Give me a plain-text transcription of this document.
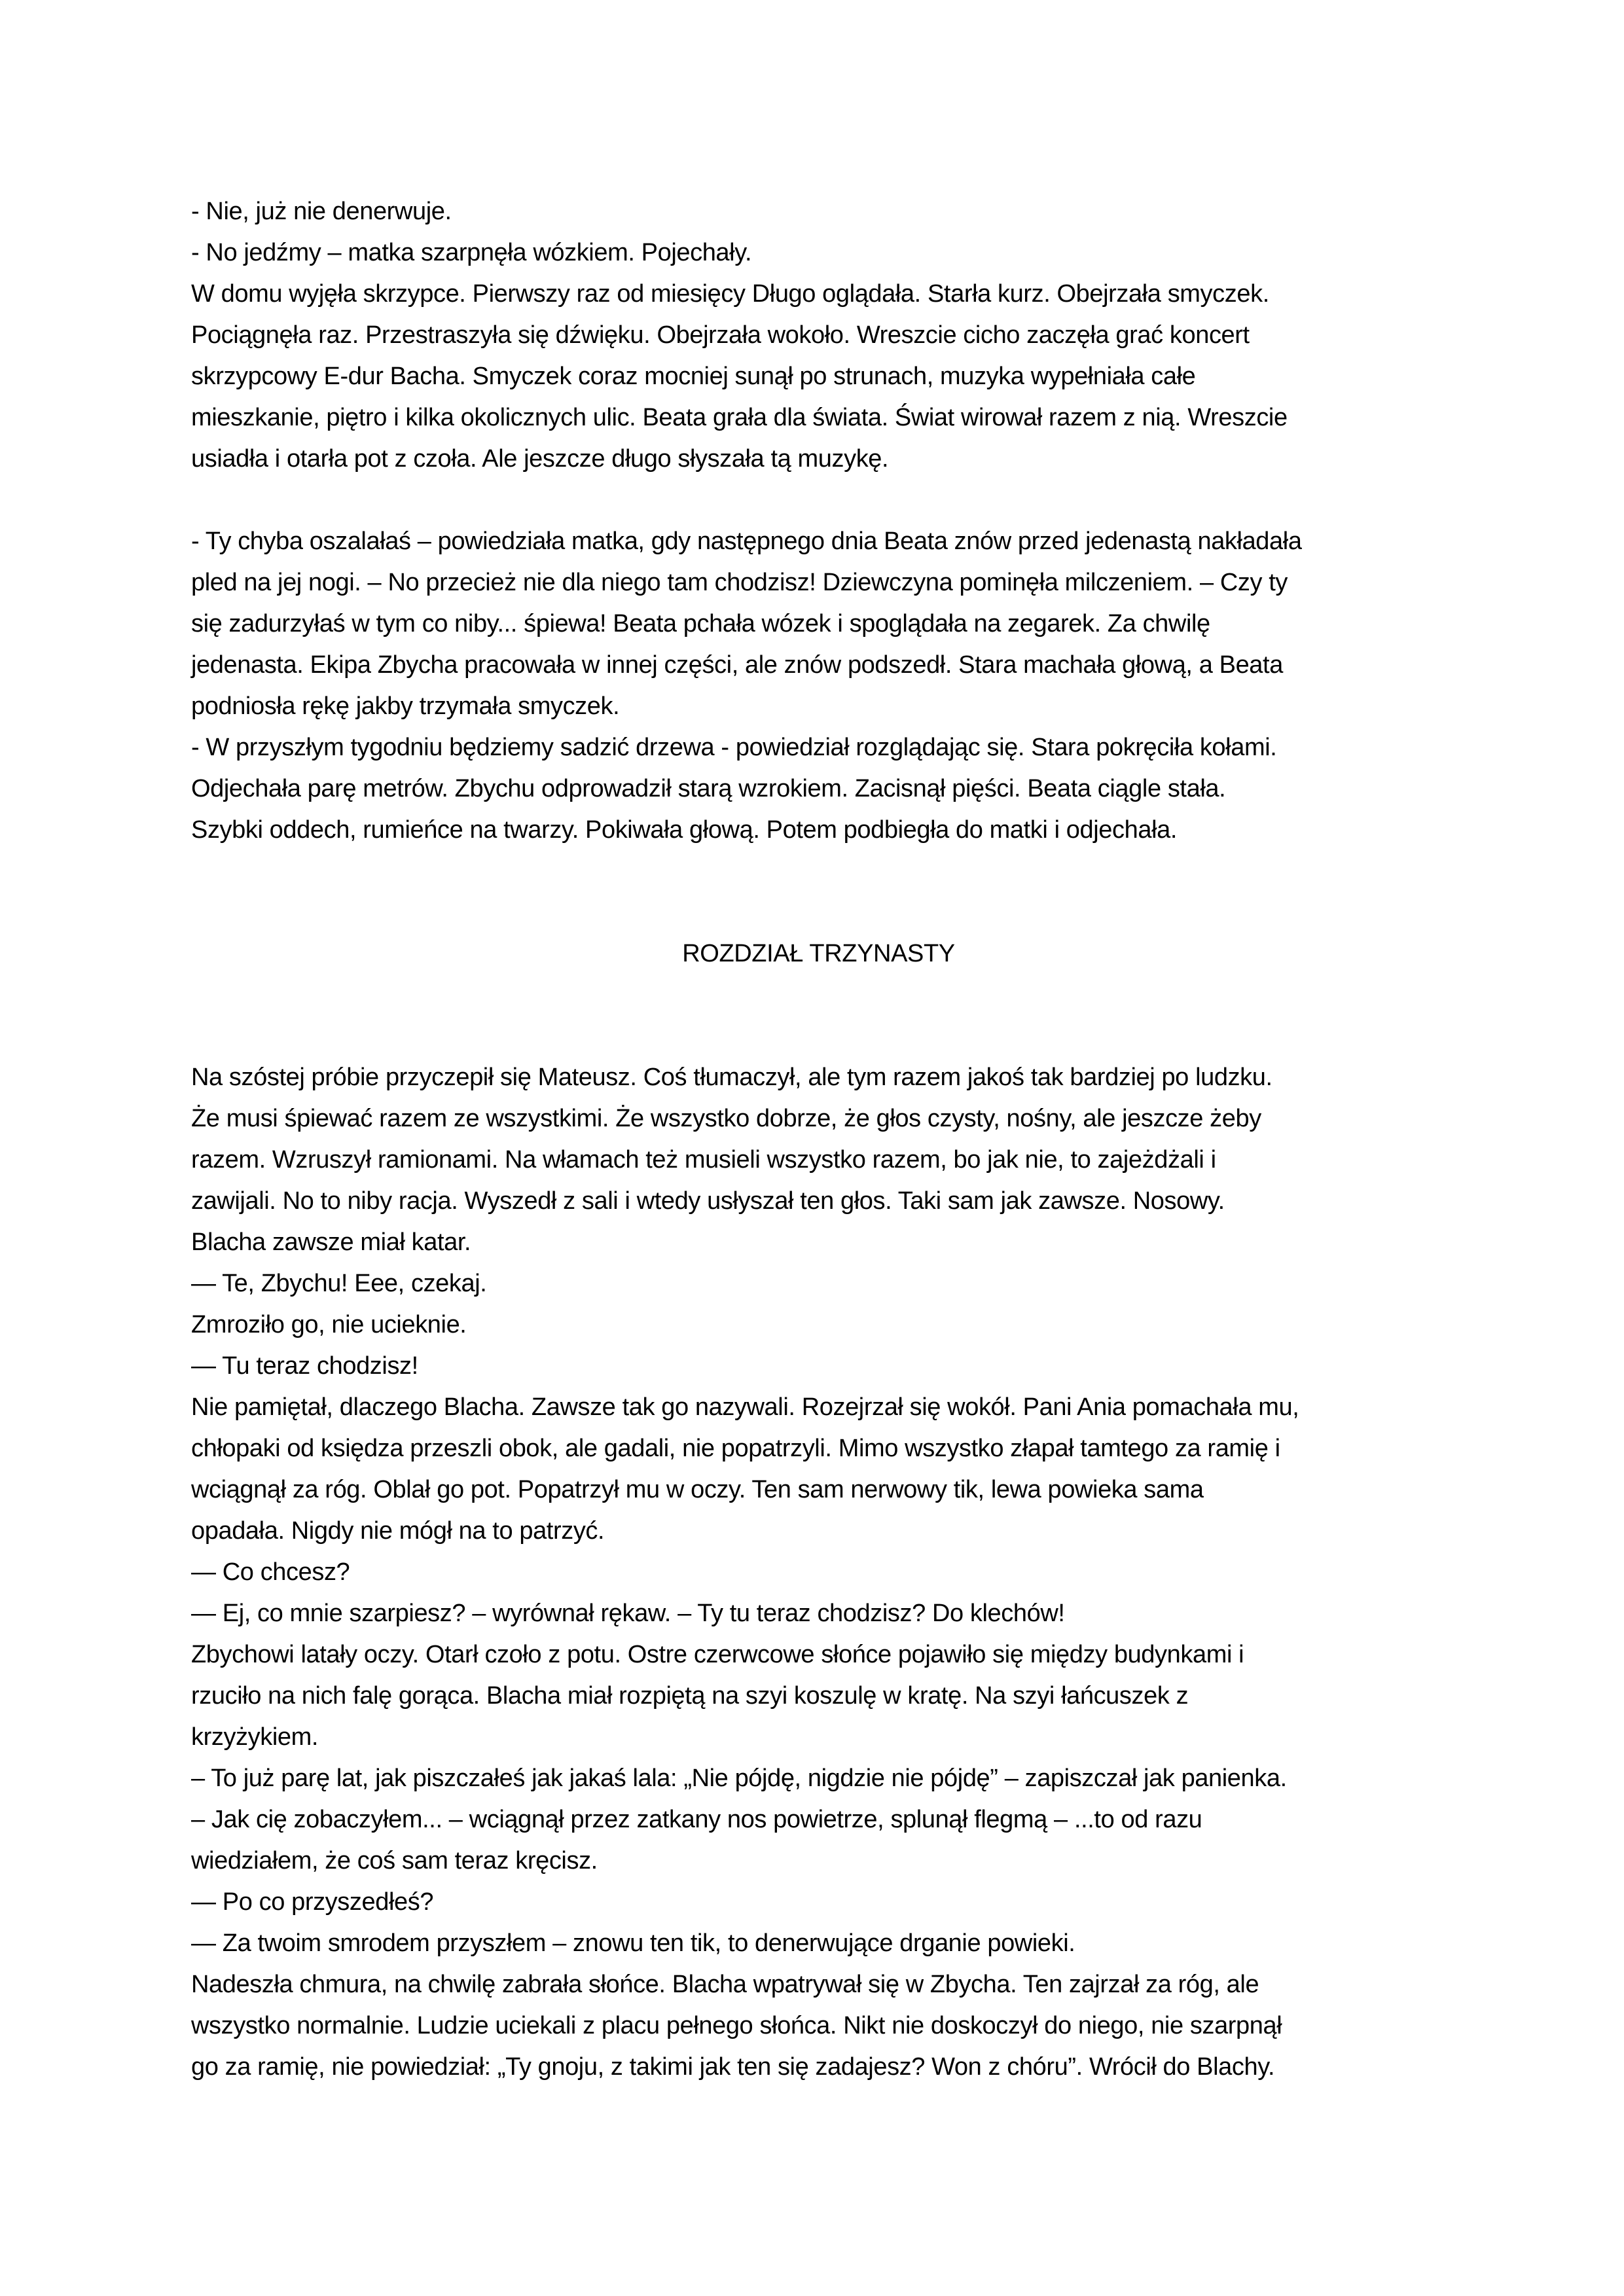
- Nie, już nie denerwuje.
- No jedźmy – matka szarpnęła wózkiem. Pojechały.
W domu wyjęła skrzypce. Pierwszy raz od miesięcy Długo oglądała. Starła kurz. Obejrzała smyczek.
Pociągnęła raz. Przestraszyła się dźwięku. Obejrzała wokoło. Wreszcie cicho zaczęła grać koncert
skrzypcowy E-dur Bacha. Smyczek coraz mocniej sunął po strunach, muzyka wypełniała całe
mieszkanie, piętro i kilka okolicznych ulic. Beata grała dla świata. Świat wirował razem z nią. Wreszcie
usiadła i otarła pot z czoła. Ale jeszcze długo słyszała tą muzykę.
- Ty chyba oszalałaś – powiedziała matka, gdy następnego dnia Beata znów przed jedenastą nakładała
pled na jej nogi. – No przecież nie dla niego tam chodzisz! Dziewczyna pominęła milczeniem. – Czy ty
się zadurzyłaś w tym co niby... śpiewa! Beata pchała wózek i spoglądała na zegarek. Za chwilę
jedenasta. Ekipa Zbycha pracowała w innej części, ale znów podszedł. Stara machała głową, a Beata
podniosła rękę jakby trzymała smyczek.
- W przyszłym tygodniu będziemy sadzić drzewa - powiedział rozglądając się. Stara pokręciła kołami.
Odjechała parę metrów. Zbychu odprowadził starą wzrokiem. Zacisnął pięści. Beata ciągle stała.
Szybki oddech, rumieńce na twarzy. Pokiwała głową. Potem podbiegła do matki i odjechała.
ROZDZIAŁ TRZYNASTY
Na szóstej próbie przyczepił się Mateusz. Coś tłumaczył, ale tym razem jakoś tak bardziej po ludzku.
Że musi śpiewać razem ze wszystkimi. Że wszystko dobrze, że głos czysty, nośny, ale jeszcze żeby
razem. Wzruszył ramionami. Na włamach też musieli wszystko razem, bo jak nie, to zajeżdżali i
zawijali. No to niby racja. Wyszedł z sali i wtedy usłyszał ten głos. Taki sam jak zawsze. Nosowy.
Blacha zawsze miał katar.
— Te, Zbychu! Eee, czekaj.
Zmroziło go, nie ucieknie.
— Tu teraz chodzisz!
Nie pamiętał, dlaczego Blacha. Zawsze tak go nazywali. Rozejrzał się wokół. Pani Ania pomachała mu,
chłopaki od księdza przeszli obok, ale gadali, nie popatrzyli. Mimo wszystko złapał tamtego za ramię i
wciągnął za róg. Oblał go pot. Popatrzył mu w oczy. Ten sam nerwowy tik, lewa powieka sama
opadała. Nigdy nie mógł na to patrzyć.
— Co chcesz?
— Ej, co mnie szarpiesz? – wyrównał rękaw. – Ty tu teraz chodzisz? Do klechów!
Zbychowi latały oczy. Otarł czoło z potu. Ostre czerwcowe słońce pojawiło się między budynkami i
rzuciło na nich falę gorąca. Blacha miał rozpiętą na szyi koszulę w kratę. Na szyi łańcuszek z
krzyżykiem.
– To już parę lat, jak piszczałeś jak jakaś lala: „Nie pójdę, nigdzie nie pójdę” – zapiszczał jak panienka.
– Jak cię zobaczyłem... – wciągnął przez zatkany nos powietrze, splunął flegmą – ...to od razu
wiedziałem, że coś sam teraz kręcisz.
— Po co przyszedłeś?
— Za twoim smrodem przyszłem – znowu ten tik, to denerwujące drganie powieki.
Nadeszła chmura, na chwilę zabrała słońce. Blacha wpatrywał się w Zbycha. Ten zajrzał za róg, ale
wszystko normalnie. Ludzie uciekali z placu pełnego słońca. Nikt nie doskoczył do niego, nie szarpnął
go za ramię, nie powiedział: „Ty gnoju, z takimi jak ten się zadajesz? Won z chóru”. Wrócił do Blachy.
